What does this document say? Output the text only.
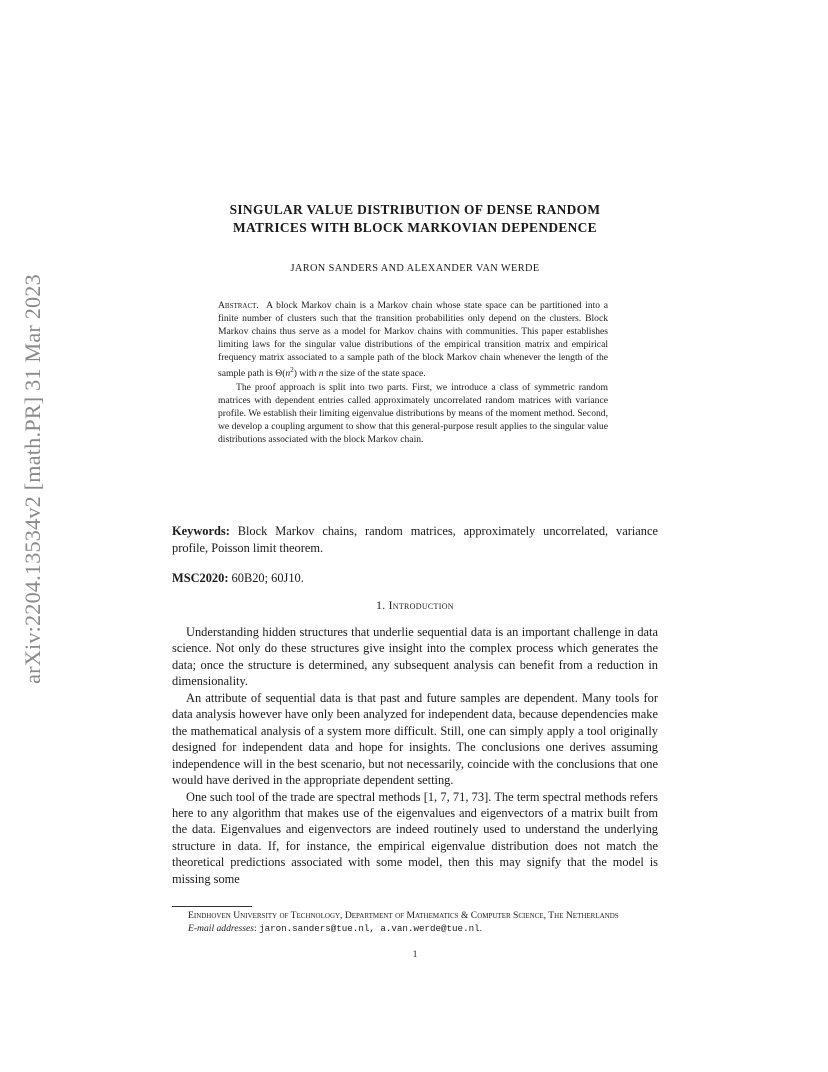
arXiv:2204.13534v2 [math.PR] 31 Mar 2023
SINGULAR VALUE DISTRIBUTION OF DENSE RANDOM
MATRICES WITH BLOCK MARKOVIAN DEPENDENCE
JARON SANDERS AND ALEXANDER VAN WERDE

Abstract. A block Markov chain is a Markov chain whose state space can be partitioned into a finite number of clusters such that the transition probabilities only depend on the clusters. Block Markov chains thus serve as a model for Markov chains with communities. This paper establishes limiting laws for the singular value distributions of the empirical transition matrix and empirical frequency matrix associated to a sample path of the block Markov chain whenever the length of the sample path is $\Theta(n^2)$ with n the size of the state space.

The proof approach is split into two parts. First, we introduce a class of symmetric random matrices with dependent entries called approximately uncorrelated random matrices with variance profile. We establish their limiting eigenvalue distributions by means of the moment method. Second, we develop a coupling argument to show that this general-purpose result applies to the singular value distributions associated with the block Markov chain.

Keywords: Block Markov chains, random matrices, approximately uncorrelated, variance profile, Poisson limit theorem.
MSC2020: 60B20; 60J10.
1. Introduction

Understanding hidden structures that underlie sequential data is an important challenge in data science. Not only do these structures give insight into the complex process which generates the data; once the structure is determined, any subsequent analysis can benefit from a reduction in dimensionality.

An attribute of sequential data is that past and future samples are dependent. Many tools for data analysis however have only been analyzed for independent data, because dependencies make the mathematical analysis of a system more difficult. Still, one can simply apply a tool originally designed for independent data and hope for insights. The conclusions one derives assuming independence will in the best scenario, but not necessarily, coincide with the conclusions that one would have derived in the appropriate dependent setting.

One such tool of the trade are spectral methods [1, 7, 71, 73]. The term spectral methods refers here to any algorithm that makes use of the eigenvalues and eigenvectors of a matrix built from the data. Eigenvalues and eigenvectors are indeed routinely used to understand the underlying structure in data. If, for instance, the empirical eigenvalue distribution does not match the theoretical predictions associated with some model, then this may signify that the model is missing some

Eindhoven University of Technology, Department of Mathematics & Computer Science, The Netherlands

E-mail addresses: jaron.sanders@tue.nl, a.van.werde@tue.nl.

1
